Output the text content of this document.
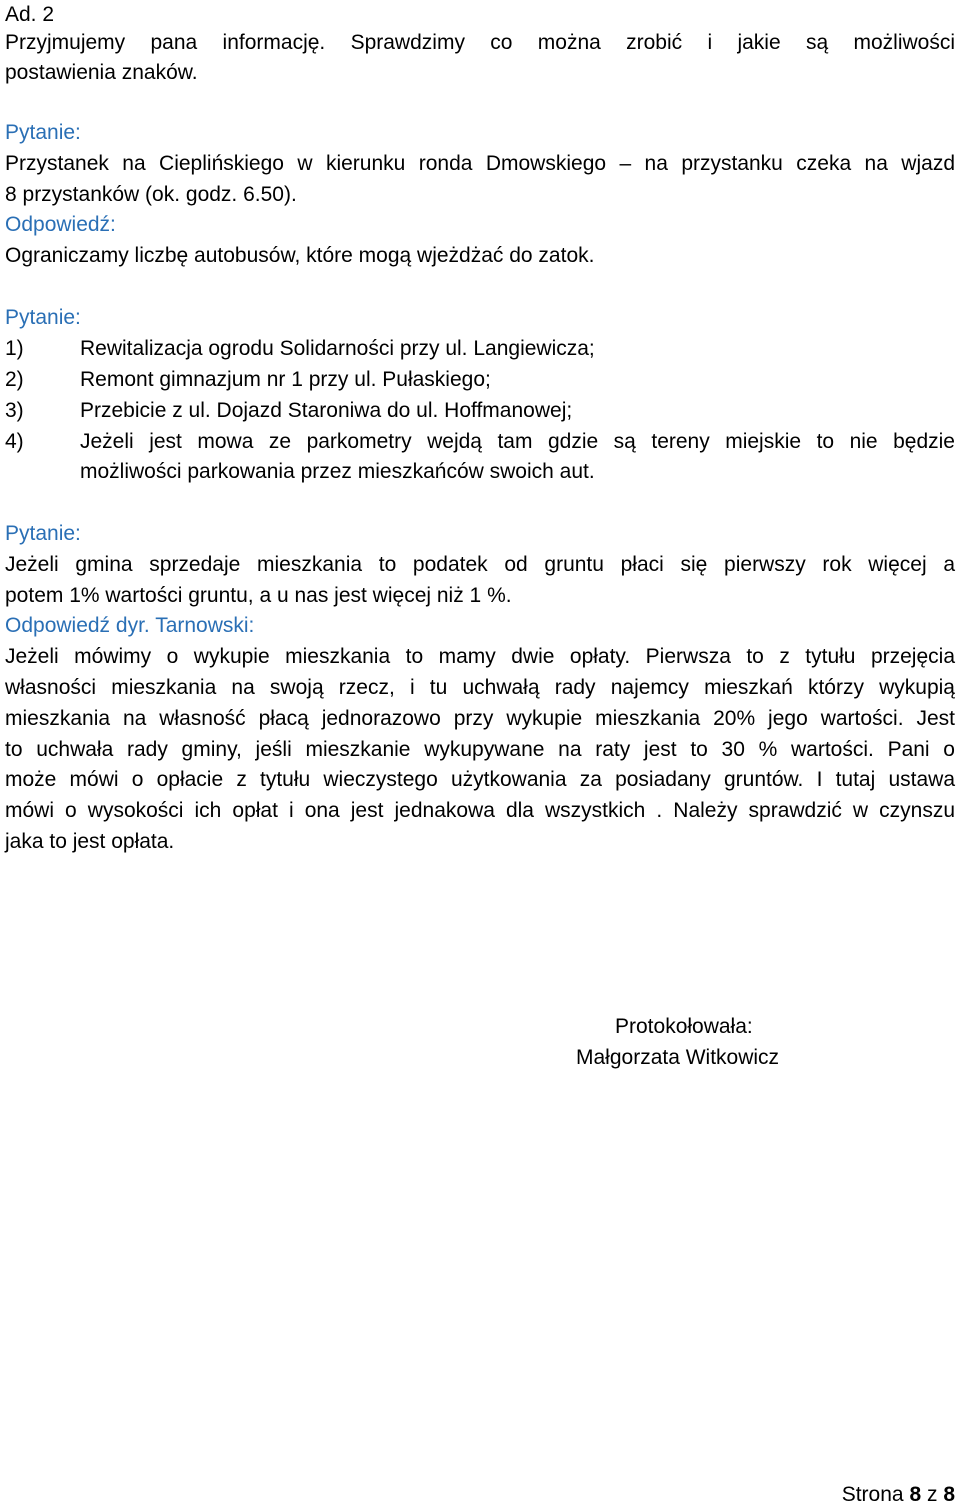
Ad. 2
Przyjmujemy pana informację. Sprawdzimy co można zrobić i jakie są możliwości
postawienia znaków.
Pytanie:
Przystanek na Cieplińskiego w kierunku ronda Dmowskiego – na przystanku czeka na wjazd
8 przystanków (ok. godz. 6.50).
Odpowiedź:
Ograniczamy liczbę autobusów, które mogą wjeżdżać do zatok.
Pytanie:
1)	Rewitalizacja ogrodu Solidarności przy ul. Langiewicza;
2)	Remont gimnazjum nr 1 przy ul. Pułaskiego;
3)	Przebicie z ul. Dojazd Staroniwa do ul. Hoffmanowej;
4)	Jeżeli jest mowa ze parkometry wejdą tam gdzie są tereny miejskie to nie będzie
możliwości parkowania przez mieszkańców swoich aut.
Pytanie:
Jeżeli gmina sprzedaje mieszkania to podatek od gruntu płaci się pierwszy rok więcej a
potem 1% wartości gruntu, a u nas jest więcej niż 1 %.
Odpowiedź dyr. Tarnowski:
Jeżeli mówimy o wykupie mieszkania to mamy dwie opłaty. Pierwsza to z tytułu przejęcia
własności mieszkania na swoją rzecz, i tu uchwałą rady najemcy mieszkań którzy wykupią
mieszkania na własność płacą jednorazowo przy wykupie mieszkania 20% jego wartości. Jest
to uchwała rady gminy, jeśli mieszkanie wykupywane na raty jest to 30 % wartości. Pani o
może mówi o opłacie z tytułu wieczystego użytkowania za posiadany gruntów. I tutaj ustawa
mówi o wysokości ich opłat i ona jest jednakowa dla wszystkich . Należy sprawdzić w czynszu
jaka to jest opłata.
Protokołowała:
Małgorzata Witkowicz
Strona 8 z 8
